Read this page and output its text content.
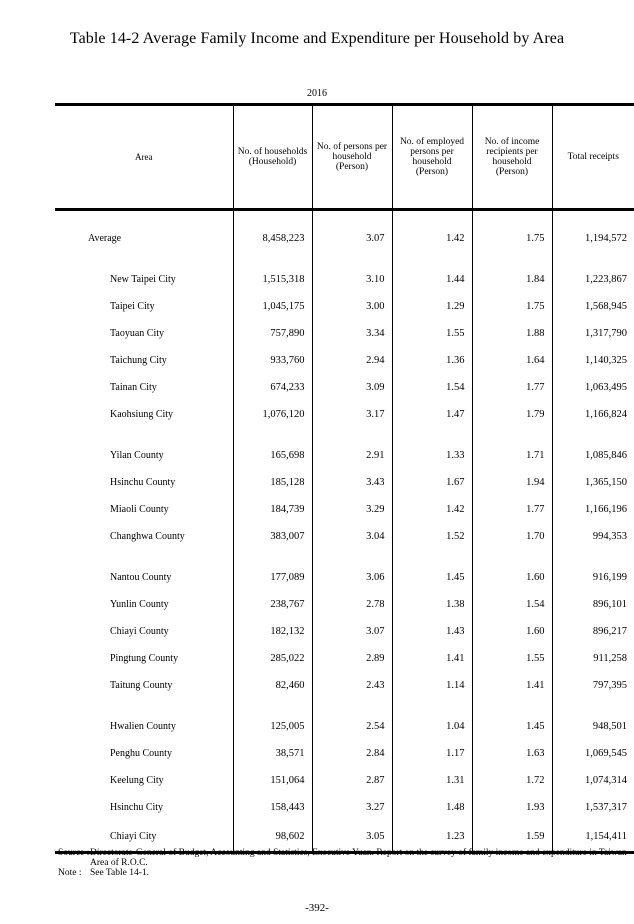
Table 14-2 Average Family Income and Expenditure per Household by Area
2016
Area	No. of households (Household)	No. of persons per household (Person)	No. of employed persons per household (Person)	No. of income recipients per household (Person)	Total receipts

Average	8,458,223	3.07	1.42	1.75	1,194,572

New Taipei City	1,515,318	3.10	1.44	1.84	1,223,867
Taipei City	1,045,175	3.00	1.29	1.75	1,568,945
Taoyuan City	757,890	3.34	1.55	1.88	1,317,790
Taichung City	933,760	2.94	1.36	1.64	1,140,325
Tainan City	674,233	3.09	1.54	1.77	1,063,495
Kaohsiung City	1,076,120	3.17	1.47	1.79	1,166,824

Yilan County	165,698	2.91	1.33	1.71	1,085,846
Hsinchu County	185,128	3.43	1.67	1.94	1,365,150
Miaoli County	184,739	3.29	1.42	1.77	1,166,196
Changhwa County	383,007	3.04	1.52	1.70	994,353

Nantou County	177,089	3.06	1.45	1.60	916,199
Yunlin County	238,767	2.78	1.38	1.54	896,101
Chiayi County	182,132	3.07	1.43	1.60	896,217
Pingtung County	285,022	2.89	1.41	1.55	911,258
Taitung County	82,460	2.43	1.14	1.41	797,395

Hwalien County	125,005	2.54	1.04	1.45	948,501
Penghu County	38,571	2.84	1.17	1.63	1,069,545
Keelung City	151,064	2.87	1.31	1.72	1,074,314
Hsinchu City	158,443	3.27	1.48	1.93	1,537,317
Chiayi City	98,602	3.05	1.23	1.59	1,154,411
Source : Directorate-General of Budget, Accounting and Statistics, Executive Yuan. Report on the survey of family income and expenditure in Taiwan Area of R.O.C.
Note : See Table 14-1.
-392-
